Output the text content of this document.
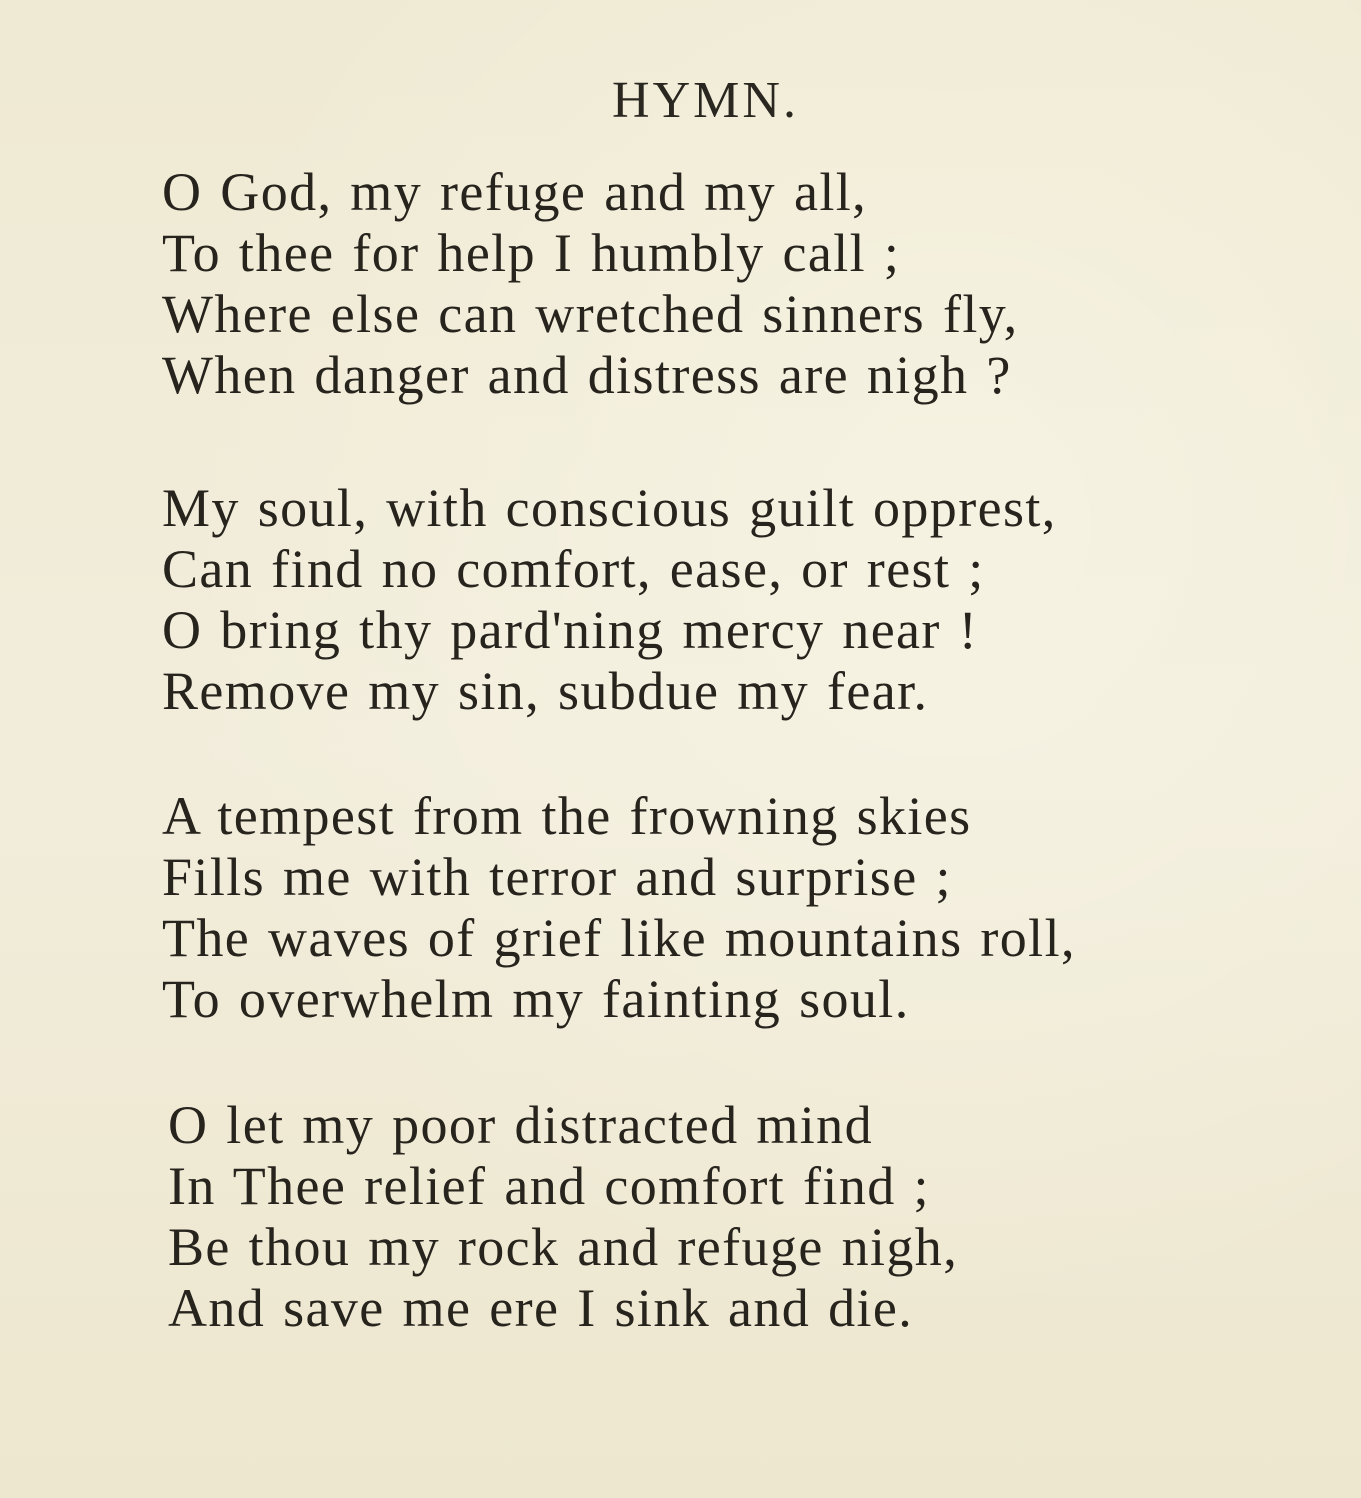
HYMN.
O God, my refuge and my all,
To thee for help I humbly call ;
Where else can wretched sinners fly,
When danger and distress are nigh ?
My soul, with conscious guilt opprest,
Can find no comfort, ease, or rest ;
O bring thy pard'ning mercy near !
Remove my sin, subdue my fear.
A tempest from the frowning skies
Fills me with terror and surprise ;
The waves of grief like mountains roll,
To overwhelm my fainting soul.
O let my poor distracted mind
In Thee relief and comfort find ;
Be thou my rock and refuge nigh,
And save me ere I sink and die.
